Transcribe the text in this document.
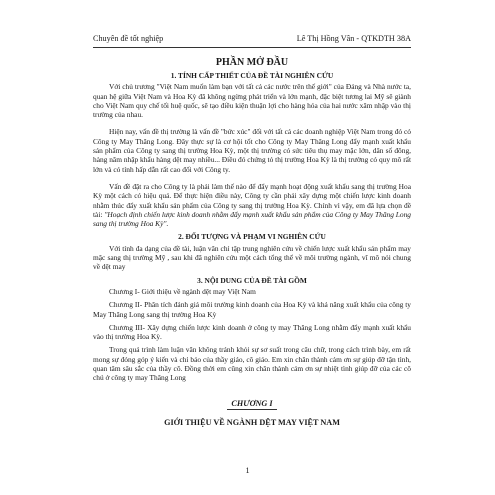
Chuyên đề tốt nghiệp	Lê Thị Hồng Vân - QTKDTH 38A

PHẦN MỞ ĐẦU

1. TÍNH CẤP THIẾT CỦA ĐỀ TÀI NGHIÊN CỨU

Với chủ trương "Việt Nam muốn làm bạn với tất cả các nước trên thế giới" của Đảng và Nhà nước ta, quan hệ giữa Việt Nam và Hoa Kỳ đã không ngừng phát triển và lớn mạnh, đặc biệt tương lai Mỹ sẽ giành cho Việt Nam quy chế tối huệ quốc, sẽ tạo điều kiện thuận lợi cho hàng hóa của hai nước xâm nhập vào thị trường của nhau.

Hiện nay, vấn đề thị trường là vấn đề "bức xúc" đối với tất cả các doanh nghiệp Việt Nam trong đó có Công ty May Thăng Long. Đây thực sự là cơ hội tốt cho Công ty May Thăng Long đẩy mạnh xuất khẩu sản phẩm của Công ty sang thị trường Hoa Kỳ, một thị trường có sức tiêu thụ may mặc lớn, dân số đông, hàng năm nhập khẩu hàng dệt may nhiều... Điều đó chứng tỏ thị trường Hoa Kỳ là thị trường có quy mô rất lớn và có tính hấp dẫn rất cao đối với Công ty.

Vấn đề đặt ra cho Công ty là phải làm thế nào để đẩy mạnh hoạt động xuất khẩu sang thị trường Hoa Kỳ một cách có hiệu quả. Để thực hiện điều này, Công ty cần phải xây dựng một chiến lược kinh doanh nhằm thúc đẩy xuất khẩu sản phẩm của Công ty sang thị trường Hoa Kỳ. Chính vì vậy, em đã lựa chọn đề tài: "Hoạch định chiến lược kinh doanh nhằm đẩy mạnh xuất khẩu sản phẩm của Công ty May Thăng Long sang thị trường Hoa Kỳ".

2. ĐỐI TƯỢNG VÀ PHẠM VI NGHIÊN CỨU

Với tính đa dạng của đề tài, luận văn chỉ tập trung nghiên cứu về chiến lược xuất khẩu sản phẩm may mặc sang thị trường Mỹ , sau khi đã nghiên cứu một cách tổng thể về môi trường ngành, vĩ mô nói chung về dệt may

3. NỘI DUNG CỦA ĐỀ TÀI GỒM

Chương I- Giới thiệu về ngành dệt may Việt Nam

Chương II- Phân tích đánh giá môi trường kinh doanh của Hoa Kỳ và khả năng xuất khẩu của công ty May Thăng Long sang thị trường Hoa Kỳ

Chương III- Xây dựng chiến lược kinh doanh ở công ty may Thăng Long nhằm đẩy mạnh xuất khẩu vào thị trường Hoa Kỳ.

Trong quá trình làm luận văn không tránh khỏi sự sơ suất trong câu chữ, trong cách trình bày, em rất mong sự đóng góp ý kiến và chỉ bảo của thầy giáo, cô giáo. Em xin chân thành cảm ơn sự giúp đỡ tận tình, quan tâm sâu sắc của thầy cô. Đồng thời em cũng xin chân thành cảm ơn sự nhiệt tình giúp đỡ của các cô chú ở công ty may Thăng Long

CHƯƠNG I

GIỚI THIỆU VỀ NGÀNH DỆT MAY VIỆT NAM

1
